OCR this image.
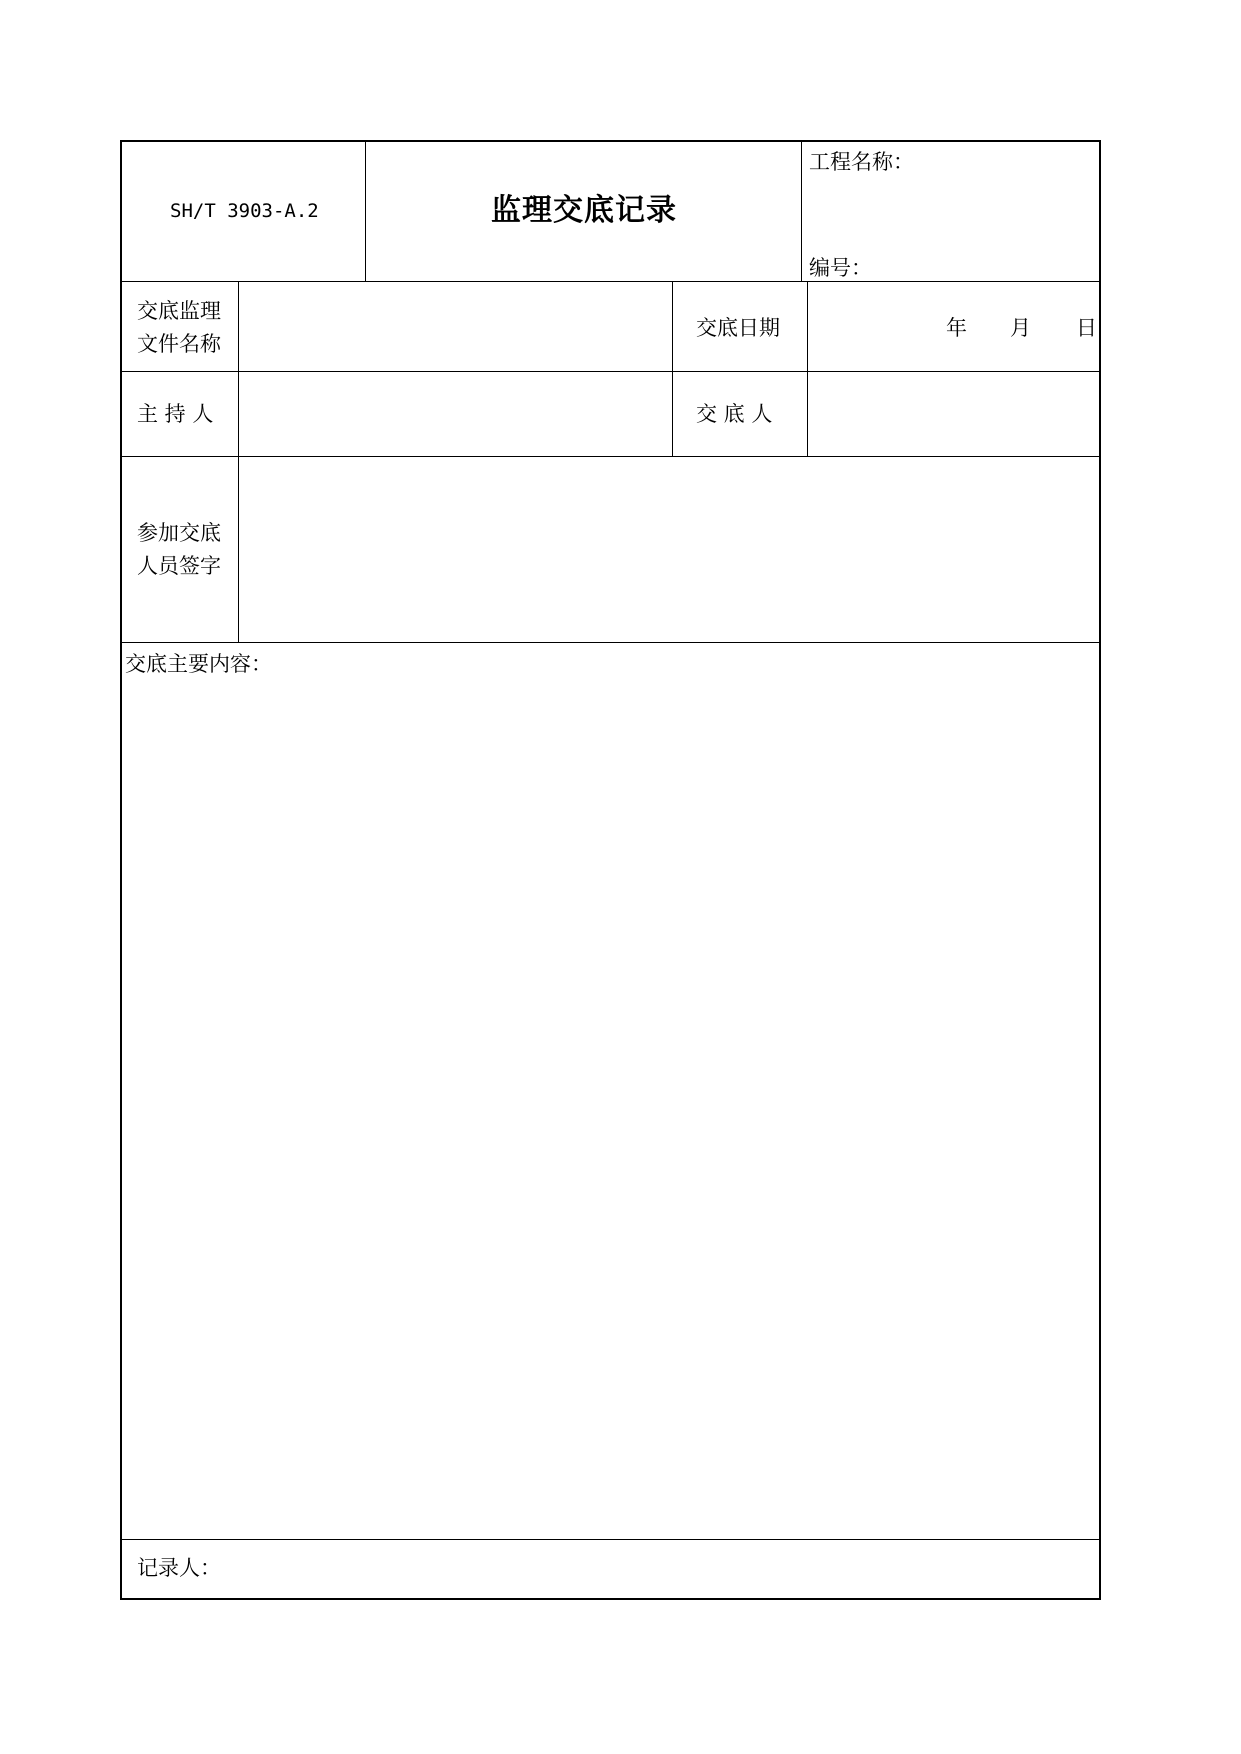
SH/T 3903-A.2	监理交底记录
工程名称：
编号：
交底监理
文件名称
交底日期	年 月 日
主 持 人	交 底 人
参加交底
人员签字
交底主要内容：
记录人：
